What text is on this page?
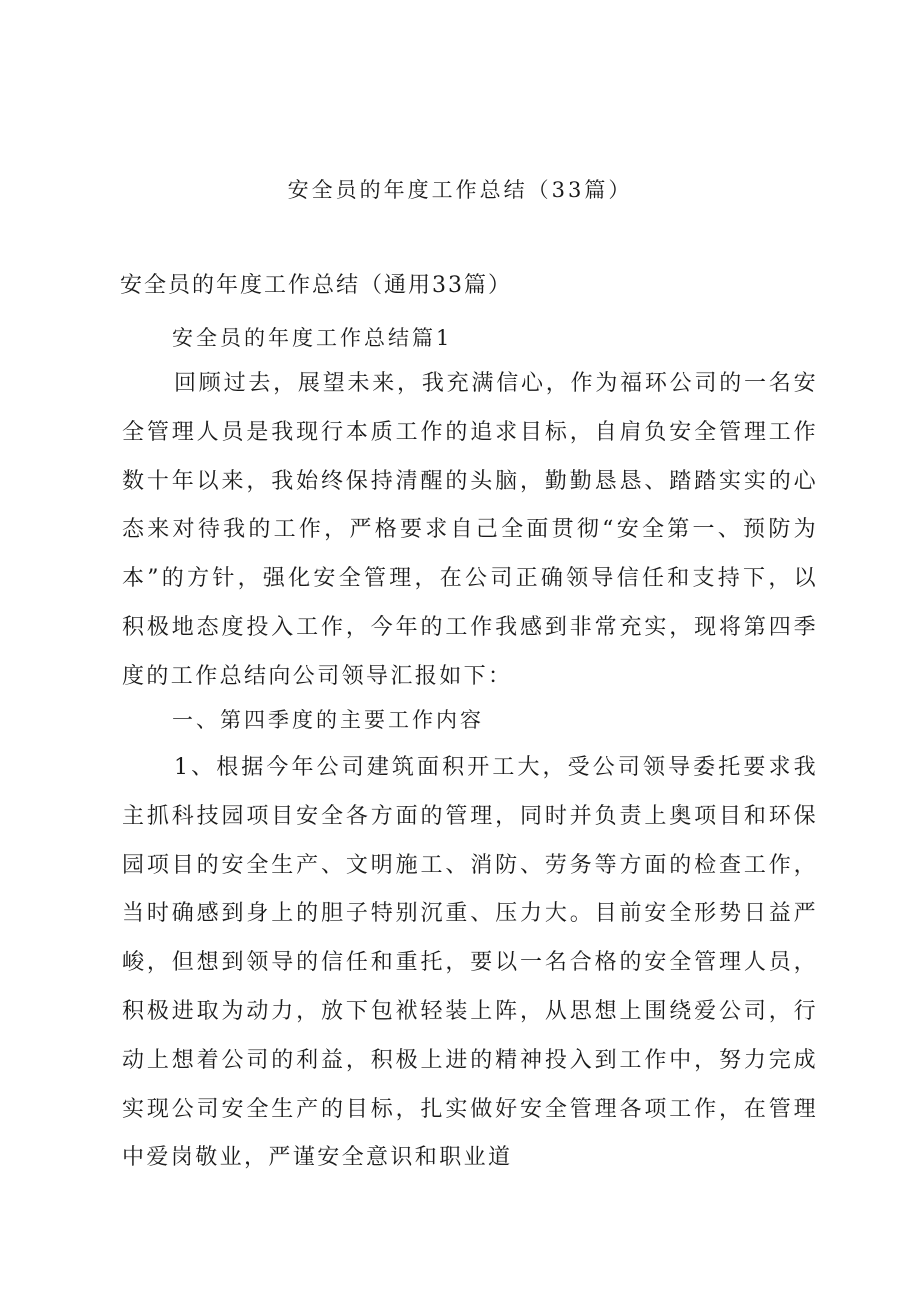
安全员的年度工作总结（33篇）
安全员的年度工作总结（通用33篇）
安全员的年度工作总结篇1

回顾过去，展望未来，我充满信心，作为福环公司的一名安全管理人员是我现行本质工作的追求目标，自肩负安全管理工作数十年以来，我始终保持清醒的头脑，勤勤恳恳、踏踏实实的心态来对待我的工作，严格要求自己全面贯彻“安全第一、预防为本”的方针，强化安全管理，在公司正确领导信任和支持下，以积极地态度投入工作，今年的工作我感到非常充实，现将第四季度的工作总结向公司领导汇报如下：

一、第四季度的主要工作内容

1、根据今年公司建筑面积开工大，受公司领导委托要求我主抓科技园项目安全各方面的管理，同时并负责上奥项目和环保园项目的安全生产、文明施工、消防、劳务等方面的检查工作，当时确感到身上的胆子特别沉重、压力大。目前安全形势日益严峻，但想到领导的信任和重托，要以一名合格的安全管理人员，积极进取为动力，放下包袱轻装上阵，从思想上围绕爱公司，行动上想着公司的利益，积极上进的精神投入到工作中，努力完成实现公司安全生产的目标，扎实做好安全管理各项工作，在管理中爱岗敬业，严谨安全意识和职业道
